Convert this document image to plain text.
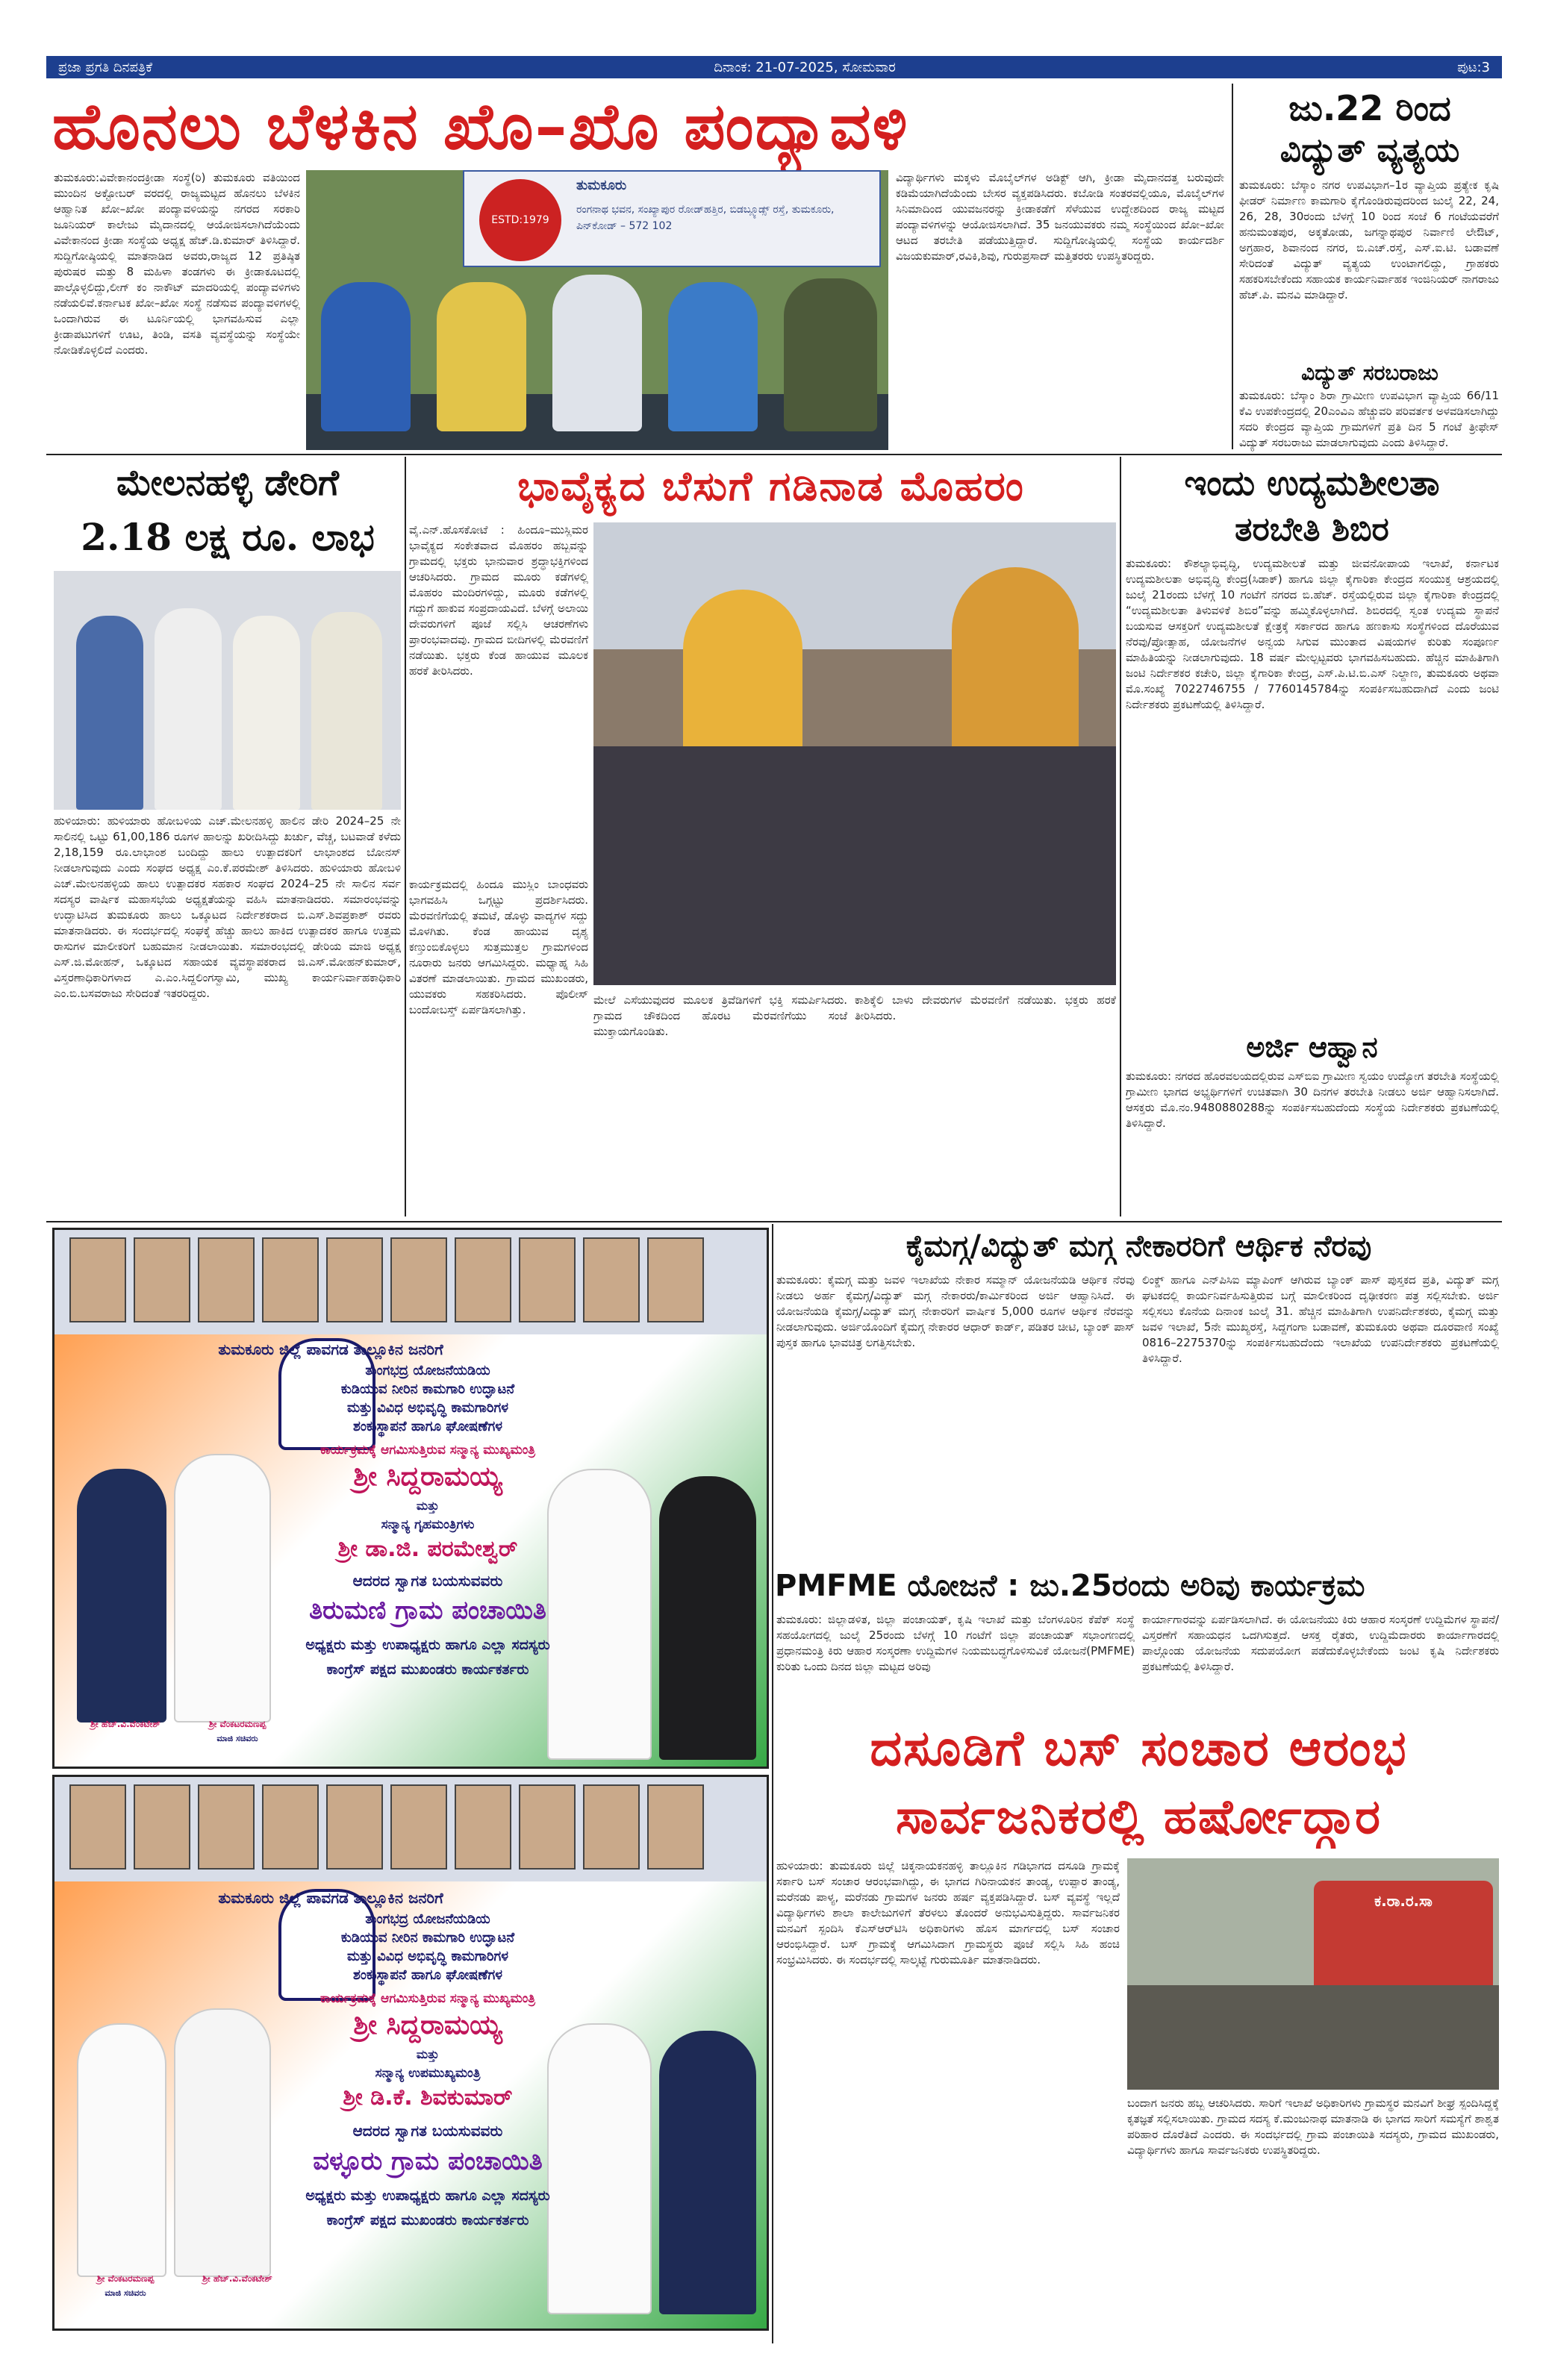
ಪ್ರಜಾ ಪ್ರಗತಿ ದಿನಪತ್ರಿಕೆ	ದಿನಾಂಕ: 21-07-2025, ಸೋಮವಾರ	ಪುಟ:3
ಹೊನಲು ಬೆಳಕಿನ ಖೊ–ಖೊ ಪಂದ್ಯಾವಳಿ
ತುಮಕೂರು:ವಿವೇಕಾನಂದಕ್ರೀಡಾ ಸಂಸ್ಥೆ(ರಿ) ತುಮಕೂರು ವತಿಯಿಂದ ಮುಂದಿನ ಅಕ್ಟೋಬರ್ ವರದಲ್ಲಿ ರಾಜ್ಯಮಟ್ಟದ ಹೊನಲು ಬೆಳಕಿನ ಆಹ್ವಾನಿತ ಖೋ–ಖೋ ಪಂದ್ಯಾವಳಿಯನ್ನು ನಗರದ ಸರಕಾರಿ ಜೂನಿಯರ್ ಕಾಲೇಜು ಮೈದಾನದಲ್ಲಿ ಆಯೋಜಿಸಲಾಗಿದೆಯೆಂದು ವಿವೇಕಾನಂದ ಕ್ರೀಡಾ ಸಂಸ್ಥೆಯ ಅಧ್ಯಕ್ಷ ಹೆಚ್.ಡಿ.ಕುಮಾರ್ ತಿಳಿಸಿದ್ದಾರೆ. ಸುದ್ದಿಗೋಷ್ಠಿಯಲ್ಲಿ ಮಾತನಾಡಿದ ಅವರು,ರಾಜ್ಯದ 12 ಪ್ರತಿಷ್ಠಿತ ಪುರುಷರ ಮತ್ತು 8 ಮಹಿಳಾ ತಂಡಗಳು ಈ ಕ್ರೀಡಾಕೂಟದಲ್ಲಿ ಪಾಲ್ಗೊಳ್ಳಲಿದ್ದು,ಲೀಗ್ ಕಂ ನಾಕೌಟ್ ಮಾದರಿಯಲ್ಲಿ ಪಂದ್ಯಾವಳಿಗಳು ನಡೆಯಲಿವೆ.ಕರ್ನಾಟಕ ಖೋ–ಖೋ ಸಂಸ್ಥೆ ನಡೆಸುವ ಪಂದ್ಯಾವಳಿಗಳಲ್ಲಿ ಒಂದಾಗಿರುವ ಈ ಟೂರ್ನಿಯಲ್ಲಿ ಭಾಗವಹಿಸುವ ಎಲ್ಲಾ ಕ್ರೀಡಾಪಟುಗಳಿಗೆ ಊಟ, ತಿಂಡಿ, ವಸತಿ ವ್ಯವಸ್ಥೆಯನ್ನು ಸಂಸ್ಥೆಯೇ ನೋಡಿಕೊಳ್ಳಲಿದೆ ಎಂದರು.
ESTD:1979
ತುಮಕೂರು
ರಂಗನಾಥ ಭವನ, ಸಂಖ್ಯಾಪುರ ರೋಡ್‌ಹತ್ತಿರ, ಬಿಡಬ್ಲ್ಯೂಡ್ಸ್ ರಸ್ತೆ, ತುಮಕೂರು, ಪಿನ್‌ಕೋಡ್ – 572 102
ವಿದ್ಯಾರ್ಥಿಗಳು ಮಕ್ಕಳು ಮೊಬೈಲ್‌ಗಳ ಅಡಿಕ್ಟ್ ಆಗಿ, ಕ್ರೀಡಾ ಮೈದಾನದತ್ತ ಬರುವುದೇ ಕಡಿಮೆಯಾಗಿದೆಯೆಂದು ಬೇಸರ ವ್ಯಕ್ತಪಡಿಸಿದರು. ಕಬೋಡಿ ಸಂತರವಲ್ಲಿಯೂ, ಮೊಬೈಲ್‌ಗಳ ಸಿನಿಮಾದಿಂದ ಯುವಜನರನ್ನು ಕ್ರೀಡಾಕಡೆಗೆ ಸೆಳೆಯುವ ಉದ್ದೇಶದಿಂದ ರಾಜ್ಯ ಮಟ್ಟದ ಪಂದ್ಯಾವಳಿಗಳನ್ನು ಆಯೋಜಿಸಲಾಗಿದೆ. 35 ಜನಯುವಕರು ನಮ್ಮ ಸಂಸ್ಥೆಯಿಂದ ಖೋ–ಖೋ ಆಟದ ತರಬೇತಿ ಪಡೆಯುತ್ತಿದ್ದಾರೆ. ಸುದ್ದಿಗೋಷ್ಠಿಯಲ್ಲಿ ಸಂಸ್ಥೆಯ ಕಾರ್ಯದರ್ಶಿ ವಿಜಯಕುಮಾರ್,ರವಿಕಿ,ಶಿವು, ಗುರುಪ್ರಸಾದ್ ಮತ್ತಿತರರು ಉಪಸ್ಥಿತರಿದ್ದರು.
ಜು.22 ರಿಂದ
ವಿದ್ಯುತ್ ವ್ಯತ್ಯಯ
ತುಮಕೂರು: ಬೆಸ್ಕಾಂ ನಗರ ಉಪವಿಭಾಗ–1ರ ವ್ಯಾಪ್ತಿಯ ಪ್ರತ್ಯೇಕ ಕೃಷಿ ಫೀಡರ್ ನಿರ್ಮಾಣ ಕಾಮಗಾರಿ ಕೈಗೊಂಡಿರುವುದರಿಂದ ಜುಲೈ 22, 24, 26, 28, 30ರಂದು ಬೆಳಗ್ಗೆ 10 ರಿಂದ ಸಂಜೆ 6 ಗಂಟೆಯವರೆಗೆ ಹನುಮಂತಪುರ, ಅಕ್ಕತೋಡು, ಜಗನ್ನಾಥಪುರ ನಿರ್ವಾಣಿ ಲೇಔಟ್, ಅಗ್ರಹಾರ, ಶಿವಾನಂದ ನಗರ, ಬಿ.ಎಚ್.ರಸ್ತೆ, ಎಸ್.ಐ.ಟಿ. ಬಡಾವಣೆ ಸೇರಿದಂತೆ ವಿದ್ಯುತ್ ವ್ಯತ್ಯಯ ಉಂಟಾಗಲಿದ್ದು, ಗ್ರಾಹಕರು ಸಹಕರಿಸಬೇಕೆಂದು ಸಹಾಯಕ ಕಾರ್ಯನಿರ್ವಾಹಕ ಇಂಜಿನಿಯರ್ ನಾಗರಾಜು ಹೆಚ್.ಪಿ. ಮನವಿ ಮಾಡಿದ್ದಾರೆ.
ವಿದ್ಯುತ್ ಸರಬರಾಜು
ತುಮಕೂರು: ಬೆಸ್ಕಾಂ ಶಿರಾ ಗ್ರಾಮೀಣ ಉಪವಿಭಾಗ ವ್ಯಾಪ್ತಿಯ 66/11 ಕೆವಿ ಉಪಕೇಂದ್ರದಲ್ಲಿ 20ಎಂವಿಎ ಹೆಚ್ಚುವರಿ ಪರಿವರ್ತಕ ಅಳವಡಿಸಲಾಗಿದ್ದು ಸದರಿ ಕೇಂದ್ರದ ವ್ಯಾಪ್ತಿಯ ಗ್ರಾಮಗಳಿಗೆ ಪ್ರತಿ ದಿನ 5 ಗಂಟೆ ತ್ರೀಫೇಸ್ ವಿದ್ಯುತ್ ಸರಬರಾಜು ಮಾಡಲಾಗುವುದು ಎಂದು ತಿಳಿಸಿದ್ದಾರೆ.
ಮೇಲನಹಳ್ಳಿ ಡೇರಿಗೆ
2.18 ಲಕ್ಷ ರೂ. ಲಾಭ
ಹುಳಿಯಾರು: ಹುಳಿಯಾರು ಹೋಬಳಿಯ ಎಚ್.ಮೇಲನಹಳ್ಳಿ ಹಾಲಿನ ಡೇರಿ 2024–25 ನೇ ಸಾಲಿನಲ್ಲಿ ಒಟ್ಟು 61,00,186 ರೂಗಳ ಹಾಲನ್ನು ಖರೀದಿಸಿದ್ದು ಖರ್ಚು, ವೆಚ್ಚ, ಬಟವಾಡೆ ಕಳೆದು 2,18,159 ರೂ.ಲಾಭಾಂಶ ಬಂದಿದ್ದು ಹಾಲು ಉತ್ಪಾದಕರಿಗೆ ಲಾಭಾಂಶದ ಬೋನಸ್ ನೀಡಲಾಗುವುದು ಎಂದು ಸಂಘದ ಅಧ್ಯಕ್ಷ ಎಂ.ಕೆ.ಪರಮೇಶ್ ತಿಳಿಸಿದರು. ಹುಳಿಯಾರು ಹೋಬಳಿ ಎಚ್.ಮೇಲನಹಳ್ಳಿಯ ಹಾಲು ಉತ್ಪಾದಕರ ಸಹಕಾರ ಸಂಘದ 2024–25 ನೇ ಸಾಲಿನ ಸರ್ವ ಸದಸ್ಯರ ವಾರ್ಷಿಕ ಮಹಾಸಭೆಯ ಅಧ್ಯಕ್ಷತೆಯನ್ನು ವಹಿಸಿ ಮಾತನಾಡಿದರು. ಸಮಾರಂಭವನ್ನು ಉದ್ಘಾಟಿಸಿದ ತುಮಕೂರು ಹಾಲು ಒಕ್ಕೂಟದ ನಿರ್ದೇಶಕರಾದ ಬಿ.ಎಸ್.ಶಿವಪ್ರಕಾಶ್ ರವರು ಮಾತನಾಡಿದರು. ಈ ಸಂದರ್ಭದಲ್ಲಿ ಸಂಘಕ್ಕೆ ಹೆಚ್ಚು ಹಾಲು ಹಾಕಿದ ಉತ್ಪಾದಕರ ಹಾಗೂ ಉತ್ತಮ ರಾಸುಗಳ ಮಾಲೀಕರಿಗೆ ಬಹುಮಾನ ನೀಡಲಾಯಿತು. ಸಮಾರಂಭದಲ್ಲಿ ಡೇರಿಯ ಮಾಜಿ ಅಧ್ಯಕ್ಷ ಎಸ್.ಜಿ.ಮೋಹನ್, ಒಕ್ಕೂಟದ ಸಹಾಯಕ ವ್ಯವಸ್ಥಾಪಕರಾದ ಜಿ.ಎಸ್.ಮೋಹನ್‌ಕುಮಾರ್, ವಿಸ್ತರಣಾಧಿಕಾರಿಗಳಾದ ಎ.ಎಂ.ಸಿದ್ದಲಿಂಗಸ್ವಾಮಿ, ಮುಖ್ಯ ಕಾರ್ಯನಿರ್ವಾಹಕಾಧಿಕಾರಿ ಎಂ.ಬಿ.ಬಸವರಾಜು ಸೇರಿದಂತೆ ಇತರರಿದ್ದರು.
ಭಾವೈಕ್ಯದ ಬೆಸುಗೆ ಗಡಿನಾಡ ಮೊಹರಂ
ವೈ.ಎನ್.ಹೊಸಕೋಟೆ : ಹಿಂದೂ–ಮುಸ್ಲಿಮರ ಭಾವೈಕ್ಯದ ಸಂಕೇತವಾದ ಮೊಹರಂ ಹಬ್ಬವನ್ನು ಗ್ರಾಮದಲ್ಲಿ ಭಕ್ತರು ಭಾನುವಾರ ಶ್ರದ್ಧಾಭಕ್ತಿಗಳಿಂದ ಆಚರಿಸಿದರು. ಗ್ರಾಮದ ಮೂರು ಕಡೆಗಳಲ್ಲಿ ಮೊಹರಂ ಮಂದಿರಗಳಿದ್ದು, ಮೂರು ಕಡೆಗಳಲ್ಲಿ ಗದ್ದುಗೆ ಹಾಕುವ ಸಂಪ್ರದಾಯವಿದೆ. ಬೆಳಗ್ಗೆ ಅಲಾಯಿ ದೇವರುಗಳಿಗೆ ಪೂಜೆ ಸಲ್ಲಿಸಿ ಆಚರಣೆಗಳು ಪ್ರಾರಂಭವಾದವು. ಗ್ರಾಮದ ಬೀದಿಗಳಲ್ಲಿ ಮೆರವಣಿಗೆ ನಡೆಯಿತು. ಭಕ್ತರು ಕೆಂಡ ಹಾಯುವ ಮೂಲಕ ಹರಕೆ ತೀರಿಸಿದರು.
ಮೇಲೆ ಎಸೆಯುವುದರ ಮೂಲಕ ತ್ರಿವೆಡಿಗಳಿಗೆ ಭಕ್ತಿ ಸಮರ್ಪಿಸಿದರು. ಗ್ರಾಮದ ಚೌಕದಿಂದ ಹೊರಟ ಮೆರವಣಿಗೆಯು ಸಂಜೆ ಮುಕ್ತಾಯಗೊಂಡಿತು.
ಕಾಶಿಕ್ಕೆಲಿ ಬಾಳು ದೇವರುಗಳ ಮೆರವಣಿಗೆ ನಡೆಯಿತು. ಭಕ್ತರು ಹರಕೆ ತೀರಿಸಿದರು.
ಕಾರ್ಯಕ್ರಮದಲ್ಲಿ ಹಿಂದೂ ಮುಸ್ಲಿಂ ಬಾಂಧವರು ಭಾಗವಹಿಸಿ ಒಗ್ಗಟ್ಟು ಪ್ರದರ್ಶಿಸಿದರು. ಮೆರವಣಿಗೆಯಲ್ಲಿ ತಮಟೆ, ಡೊಳ್ಳು ವಾದ್ಯಗಳ ಸದ್ದು ಮೊಳಗಿತು. ಕೆಂಡ ಹಾಯುವ ದೃಶ್ಯ ಕಣ್ತುಂಬಿಕೊಳ್ಳಲು ಸುತ್ತಮುತ್ತಲ ಗ್ರಾಮಗಳಿಂದ ನೂರಾರು ಜನರು ಆಗಮಿಸಿದ್ದರು. ಮಧ್ಯಾಹ್ನ ಸಿಹಿ ವಿತರಣೆ ಮಾಡಲಾಯಿತು. ಗ್ರಾಮದ ಮುಖಂಡರು, ಯುವಕರು ಸಹಕರಿಸಿದರು. ಪೊಲೀಸ್ ಬಂದೋಬಸ್ತ್ ಏರ್ಪಡಿಸಲಾಗಿತ್ತು.
ಇಂದು ಉದ್ಯಮಶೀಲತಾ
ತರಬೇತಿ ಶಿಬಿರ
ತುಮಕೂರು: ಕೌಶಲ್ಯಾಭಿವೃದ್ಧಿ, ಉದ್ಯಮಶೀಲತೆ ಮತ್ತು ಜೀವನೋಪಾಯ ಇಲಾಖೆ, ಕರ್ನಾಟಕ ಉದ್ಯಮಶೀಲತಾ ಅಭಿವೃದ್ಧಿ ಕೇಂದ್ರ(ಸಿಡಾಕ್) ಹಾಗೂ ಜಿಲ್ಲಾ ಕೈಗಾರಿಕಾ ಕೇಂದ್ರದ ಸಂಯುಕ್ತ ಆಶ್ರಯದಲ್ಲಿ ಜುಲೈ 21ರಂದು ಬೆಳಗ್ಗೆ 10 ಗಂಟೆಗೆ ನಗರದ ಬಿ.ಹೆಚ್. ರಸ್ತೆಯಲ್ಲಿರುವ ಜಿಲ್ಲಾ ಕೈಗಾರಿಕಾ ಕೇಂದ್ರದಲ್ಲಿ “ಉದ್ಯಮಶೀಲತಾ ತಿಳುವಳಿಕೆ ಶಿಬಿರ”ವನ್ನು ಹಮ್ಮಿಕೊಳ್ಳಲಾಗಿದೆ. ಶಿಬಿರದಲ್ಲಿ ಸ್ವಂತ ಉದ್ಯಮ ಸ್ಥಾಪನೆ ಬಯಸುವ ಆಸಕ್ತರಿಗೆ ಉದ್ಯಮಶೀಲತೆ ಕ್ಷೇತ್ರಕ್ಕೆ ಸರ್ಕಾರದ ಹಾಗೂ ಹಣಕಾಸು ಸಂಸ್ಥೆಗಳಿಂದ ದೊರೆಯುವ ನೆರವು/ಪ್ರೋತ್ಸಾಹ, ಯೋಜನೆಗಳ ಅನ್ವಯ ಸಿಗುವ ಮುಂತಾದ ವಿಷಯಗಳ ಕುರಿತು ಸಂಪೂರ್ಣ ಮಾಹಿತಿಯನ್ನು ನೀಡಲಾಗುವುದು. 18 ವರ್ಷ ಮೇಲ್ಪಟ್ಟವರು ಭಾಗವಹಿಸಬಹುದು. ಹೆಚ್ಚಿನ ಮಾಹಿತಿಗಾಗಿ ಜಂಟಿ ನಿರ್ದೇಶಕರ ಕಚೇರಿ, ಜಿಲ್ಲಾ ಕೈಗಾರಿಕಾ ಕೇಂದ್ರ, ಎಸ್.ಪಿ.ಟಿ.ಬಿ.ಎಸ್ ನಿಲ್ದಾಣ, ತುಮಕೂರು ಅಥವಾ ಮೊ.ಸಂಖ್ಯೆ 7022746755 / 7760145784ನ್ನು ಸಂಪರ್ಕಿಸಬಹುದಾಗಿದೆ ಎಂದು ಜಂಟಿ ನಿರ್ದೇಶಕರು ಪ್ರಕಟಣೆಯಲ್ಲಿ ತಿಳಿಸಿದ್ದಾರೆ.
ಅರ್ಜಿ ಆಹ್ವಾನ
ತುಮಕೂರು: ನಗರದ ಹೊರವಲಯದಲ್ಲಿರುವ ಎಸ್‌ಬಿಐ ಗ್ರಾಮೀಣ ಸ್ವಯಂ ಉದ್ಯೋಗ ತರಬೇತಿ ಸಂಸ್ಥೆಯಲ್ಲಿ ಗ್ರಾಮೀಣ ಭಾಗದ ಅಭ್ಯರ್ಥಿಗಳಿಗೆ ಉಚಿತವಾಗಿ 30 ದಿನಗಳ ತರಬೇತಿ ನೀಡಲು ಅರ್ಜಿ ಆಹ್ವಾನಿಸಲಾಗಿದೆ. ಆಸಕ್ತರು ಮೊ.ನಂ.9480880288ನ್ನು ಸಂಪರ್ಕಿಸಬಹುದೆಂದು ಸಂಸ್ಥೆಯ ನಿರ್ದೇಶಕರು ಪ್ರಕಟಣೆಯಲ್ಲಿ ತಿಳಿಸಿದ್ದಾರೆ.
ತುಮಕೂರು ಜಿಲ್ಲೆ ಪಾವಗಡ ತಾಲ್ಲೂಕಿನ ಜನರಿಗೆ
ತುಂಗಭದ್ರ ಯೋಜನೆಯಡಿಯ
ಕುಡಿಯುವ ನೀರಿನ ಕಾಮಗಾರಿ ಉದ್ಘಾಟನೆ
ಮತ್ತು ವಿವಿಧ ಅಭಿವೃದ್ಧಿ ಕಾಮಗಾರಿಗಳ
ಶಂಕುಸ್ಥಾಪನೆ ಹಾಗೂ ಘೋಷಣೆಗಳ
ಕಾರ್ಯಕ್ರಮಕ್ಕೆ ಆಗಮಿಸುತ್ತಿರುವ ಸನ್ಮಾನ್ಯ ಮುಖ್ಯಮಂತ್ರಿ
ಶ್ರೀ ಸಿದ್ದರಾಮಯ್ಯ
ಮತ್ತು
ಸನ್ಮಾನ್ಯ ಗೃಹಮಂತ್ರಿಗಳು
ಶ್ರೀ ಡಾ.ಜಿ. ಪರಮೇಶ್ವರ್
ಆದರದ ಸ್ವಾಗತ ಬಯಸುವವರು
ತಿರುಮಣಿ ಗ್ರಾಮ ಪಂಚಾಯಿತಿ
ಅಧ್ಯಕ್ಷರು ಮತ್ತು ಉಪಾಧ್ಯಕ್ಷರು ಹಾಗೂ ಎಲ್ಲಾ ಸದಸ್ಯರು
ಕಾಂಗ್ರೆಸ್ ಪಕ್ಷದ ಮುಖಂಡರು ಕಾರ್ಯಕರ್ತರು
ಶ್ರೀ ಹೆಚ್.ವಿ.ವೆಂಕಟೇಶ್	ಶ್ರೀ ವೆಂಕಟರಮಣಪ್ಪ
ಮಾಜಿ ಸಚಿವರು
ಕೈಮಗ್ಗ/ವಿದ್ಯುತ್ ಮಗ್ಗ ನೇಕಾರರಿಗೆ ಆರ್ಥಿಕ ನೆರವು
ತುಮಕೂರು: ಕೈಮಗ್ಗ ಮತ್ತು ಜವಳಿ ಇಲಾಖೆಯ ನೇಕಾರ ಸಮ್ಮಾನ್ ಯೋಜನೆಯಡಿ ಆರ್ಥಿಕ ನೆರವು ನೀಡಲು ಅರ್ಹ ಕೈಮಗ್ಗ/ವಿದ್ಯುತ್ ಮಗ್ಗ ನೇಕಾರರು/ಕಾರ್ಮಿಕರಿಂದ ಅರ್ಜಿ ಆಹ್ವಾನಿಸಿದೆ. ಈ ಯೋಜನೆಯಡಿ ಕೈಮಗ್ಗ/ವಿದ್ಯುತ್ ಮಗ್ಗ ನೇಕಾರರಿಗೆ ವಾರ್ಷಿಕ 5,000 ರೂಗಳ ಆರ್ಥಿಕ ನೆರವನ್ನು ನೀಡಲಾಗುವುದು. ಅರ್ಜಿಯೊಂದಿಗೆ ಕೈಮಗ್ಗ ನೇಕಾರರ ಆಧಾರ್ ಕಾರ್ಡ್, ಪಡಿತರ ಚೀಟಿ, ಬ್ಯಾಂಕ್ ಪಾಸ್ ಪುಸ್ತಕ ಹಾಗೂ ಭಾವಚಿತ್ರ ಲಗತ್ತಿಸಬೇಕು.
ಲಿಂಕ್ಡ್ ಹಾಗೂ ಎನ್‌ಪಿಸಿಐ ಮ್ಯಾಪಿಂಗ್ ಆಗಿರುವ ಬ್ಯಾಂಕ್ ಪಾಸ್ ಪುಸ್ತಕದ ಪ್ರತಿ, ವಿದ್ಯುತ್ ಮಗ್ಗ ಘಟಕದಲ್ಲಿ ಕಾರ್ಯನಿರ್ವಹಿಸುತ್ತಿರುವ ಬಗ್ಗೆ ಮಾಲೀಕರಿಂದ ದೃಢೀಕರಣ ಪತ್ರ ಸಲ್ಲಿಸಬೇಕು. ಅರ್ಜಿ ಸಲ್ಲಿಸಲು ಕೊನೆಯ ದಿನಾಂಕ ಜುಲೈ 31. ಹೆಚ್ಚಿನ ಮಾಹಿತಿಗಾಗಿ ಉಪನಿರ್ದೇಶಕರು, ಕೈಮಗ್ಗ ಮತ್ತು ಜವಳಿ ಇಲಾಖೆ, 5ನೇ ಮುಖ್ಯರಸ್ತೆ, ಸಿದ್ದಗಂಗಾ ಬಡಾವಣೆ, ತುಮಕೂರು ಅಥವಾ ದೂರವಾಣಿ ಸಂಖ್ಯೆ 0816–2275370ನ್ನು ಸಂಪರ್ಕಿಸಬಹುದೆಂದು ಇಲಾಖೆಯ ಉಪನಿರ್ದೇಶಕರು ಪ್ರಕಟಣೆಯಲ್ಲಿ ತಿಳಿಸಿದ್ದಾರೆ.
PMFME ಯೋಜನೆ : ಜು.25ರಂದು ಅರಿವು ಕಾರ್ಯಕ್ರಮ
ತುಮಕೂರು: ಜಿಲ್ಲಾಡಳಿತ, ಜಿಲ್ಲಾ ಪಂಚಾಯತ್, ಕೃಷಿ ಇಲಾಖೆ ಮತ್ತು ಬೆಂಗಳೂರಿನ ಕೆಪೆಕ್ ಸಂಸ್ಥೆ ಸಹಯೋಗದಲ್ಲಿ ಜುಲೈ 25ರಂದು ಬೆಳಗ್ಗೆ 10 ಗಂಟೆಗೆ ಜಿಲ್ಲಾ ಪಂಚಾಯತ್ ಸಭಾಂಗಣದಲ್ಲಿ ಪ್ರಧಾನಮಂತ್ರಿ ಕಿರು ಆಹಾರ ಸಂಸ್ಕರಣಾ ಉದ್ದಿಮೆಗಳ ನಿಯಮಬದ್ಧಗೊಳಿಸುವಿಕೆ ಯೋಜನೆ(PMFME) ಕುರಿತು ಒಂದು ದಿನದ ಜಿಲ್ಲಾ ಮಟ್ಟದ ಅರಿವು
ಕಾರ್ಯಾಗಾರವನ್ನು ಏರ್ಪಡಿಸಲಾಗಿದೆ. ಈ ಯೋಜನೆಯು ಕಿರು ಆಹಾರ ಸಂಸ್ಕರಣೆ ಉದ್ದಿಮೆಗಳ ಸ್ಥಾಪನೆ/ವಿಸ್ತರಣೆಗೆ ಸಹಾಯಧನ ಒದಗಿಸುತ್ತದೆ. ಆಸಕ್ತ ರೈತರು, ಉದ್ದಿಮೆದಾರರು ಕಾರ್ಯಾಗಾರದಲ್ಲಿ ಪಾಲ್ಗೊಂಡು ಯೋಜನೆಯ ಸದುಪಯೋಗ ಪಡೆದುಕೊಳ್ಳಬೇಕೆಂದು ಜಂಟಿ ಕೃಷಿ ನಿರ್ದೇಶಕರು ಪ್ರಕಟಣೆಯಲ್ಲಿ ತಿಳಿಸಿದ್ದಾರೆ.
ದಸೂಡಿಗೆ ಬಸ್ ಸಂಚಾರ ಆರಂಭ
ಸಾರ್ವಜನಿಕರಲ್ಲಿ ಹರ್ಷೋದ್ಗಾರ
ಹುಳಿಯಾರು: ತುಮಕೂರು ಜಿಲ್ಲೆ ಚಿಕ್ಕನಾಯಕನಹಳ್ಳಿ ತಾಲ್ಲೂಕಿನ ಗಡಿಭಾಗದ ದಸೂಡಿ ಗ್ರಾಮಕ್ಕೆ ಸರ್ಕಾರಿ ಬಸ್ ಸಂಚಾರ ಆರಂಭವಾಗಿದ್ದು, ಈ ಭಾಗದ ಗಿರಿನಾಯಕನ ತಾಂಡ್ಯ, ಉಪ್ಪಾರ ತಾಂಡ್ಯ, ಮರೆನಡು ಪಾಳ್ಯ, ಮರೆನಡು ಗ್ರಾಮಗಳ ಜನರು ಹರ್ಷ ವ್ಯಕ್ತಪಡಿಸಿದ್ದಾರೆ. ಬಸ್ ವ್ಯವಸ್ಥೆ ಇಲ್ಲದೆ ವಿದ್ಯಾರ್ಥಿಗಳು ಶಾಲಾ ಕಾಲೇಜುಗಳಿಗೆ ತೆರಳಲು ತೊಂದರೆ ಅನುಭವಿಸುತ್ತಿದ್ದರು. ಸಾರ್ವಜನಿಕರ ಮನವಿಗೆ ಸ್ಪಂದಿಸಿ ಕೆಎಸ್‌ಆರ್‌ಟಿಸಿ ಅಧಿಕಾರಿಗಳು ಹೊಸ ಮಾರ್ಗದಲ್ಲಿ ಬಸ್ ಸಂಚಾರ ಆರಂಭಿಸಿದ್ದಾರೆ. ಬಸ್ ಗ್ರಾಮಕ್ಕೆ ಆಗಮಿಸಿದಾಗ ಗ್ರಾಮಸ್ಥರು ಪೂಜೆ ಸಲ್ಲಿಸಿ ಸಿಹಿ ಹಂಚಿ ಸಂಭ್ರಮಿಸಿದರು. ಈ ಸಂದರ್ಭದಲ್ಲಿ ಸಾಲ್ಕಟ್ಟೆ ಗುರುಮೂರ್ತಿ ಮಾತನಾಡಿದರು.
ಕ.ರಾ.ರ.ಸಾ
ಬಂದಾಗ ಜನರು ಹಬ್ಬ ಆಚರಿಸಿದರು. ಸಾರಿಗೆ ಇಲಾಖೆ ಅಧಿಕಾರಿಗಳು ಗ್ರಾಮಸ್ಥರ ಮನವಿಗೆ ಶೀಘ್ರ ಸ್ಪಂದಿಸಿದ್ದಕ್ಕೆ ಕೃತಜ್ಞತೆ ಸಲ್ಲಿಸಲಾಯಿತು. ಗ್ರಾಮದ ಸದಸ್ಯ ಕೆ.ಮಂಜುನಾಥ ಮಾತನಾಡಿ ಈ ಭಾಗದ ಸಾರಿಗೆ ಸಮಸ್ಯೆಗೆ ಶಾಶ್ವತ ಪರಿಹಾರ ದೊರೆತಿದೆ ಎಂದರು. ಈ ಸಂದರ್ಭದಲ್ಲಿ ಗ್ರಾಮ ಪಂಚಾಯಿತಿ ಸದಸ್ಯರು, ಗ್ರಾಮದ ಮುಖಂಡರು, ವಿದ್ಯಾರ್ಥಿಗಳು ಹಾಗೂ ಸಾರ್ವಜನಿಕರು ಉಪಸ್ಥಿತರಿದ್ದರು.
ತುಮಕೂರು ಜಿಲ್ಲೆ ಪಾವಗಡ ತಾಲ್ಲೂಕಿನ ಜನರಿಗೆ
ತುಂಗಭದ್ರ ಯೋಜನೆಯಡಿಯ
ಕುಡಿಯುವ ನೀರಿನ ಕಾಮಗಾರಿ ಉದ್ಘಾಟನೆ
ಮತ್ತು ವಿವಿಧ ಅಭಿವೃದ್ಧಿ ಕಾಮಗಾರಿಗಳ
ಶಂಕುಸ್ಥಾಪನೆ ಹಾಗೂ ಘೋಷಣೆಗಳ
ಕಾರ್ಯಕ್ರಮಕ್ಕೆ ಆಗಮಿಸುತ್ತಿರುವ ಸನ್ಮಾನ್ಯ ಮುಖ್ಯಮಂತ್ರಿ
ಶ್ರೀ ಸಿದ್ದರಾಮಯ್ಯ
ಮತ್ತು
ಸನ್ಮಾನ್ಯ ಉಪಮುಖ್ಯಮಂತ್ರಿ
ಶ್ರೀ ಡಿ.ಕೆ. ಶಿವಕುಮಾರ್
ಆದರದ ಸ್ವಾಗತ ಬಯಸುವವರು
ವಳ್ಳೂರು ಗ್ರಾಮ ಪಂಚಾಯಿತಿ
ಅಧ್ಯಕ್ಷರು ಮತ್ತು ಉಪಾಧ್ಯಕ್ಷರು ಹಾಗೂ ಎಲ್ಲಾ ಸದಸ್ಯರು
ಕಾಂಗ್ರೆಸ್ ಪಕ್ಷದ ಮುಖಂಡರು ಕಾರ್ಯಕರ್ತರು
ಶ್ರೀ ವೆಂಕಟರಮಣಪ್ಪ
ಮಾಜಿ ಸಚಿವರು
ಶ್ರೀ ಹೆಚ್.ವಿ.ವೆಂಕಟೇಶ್
